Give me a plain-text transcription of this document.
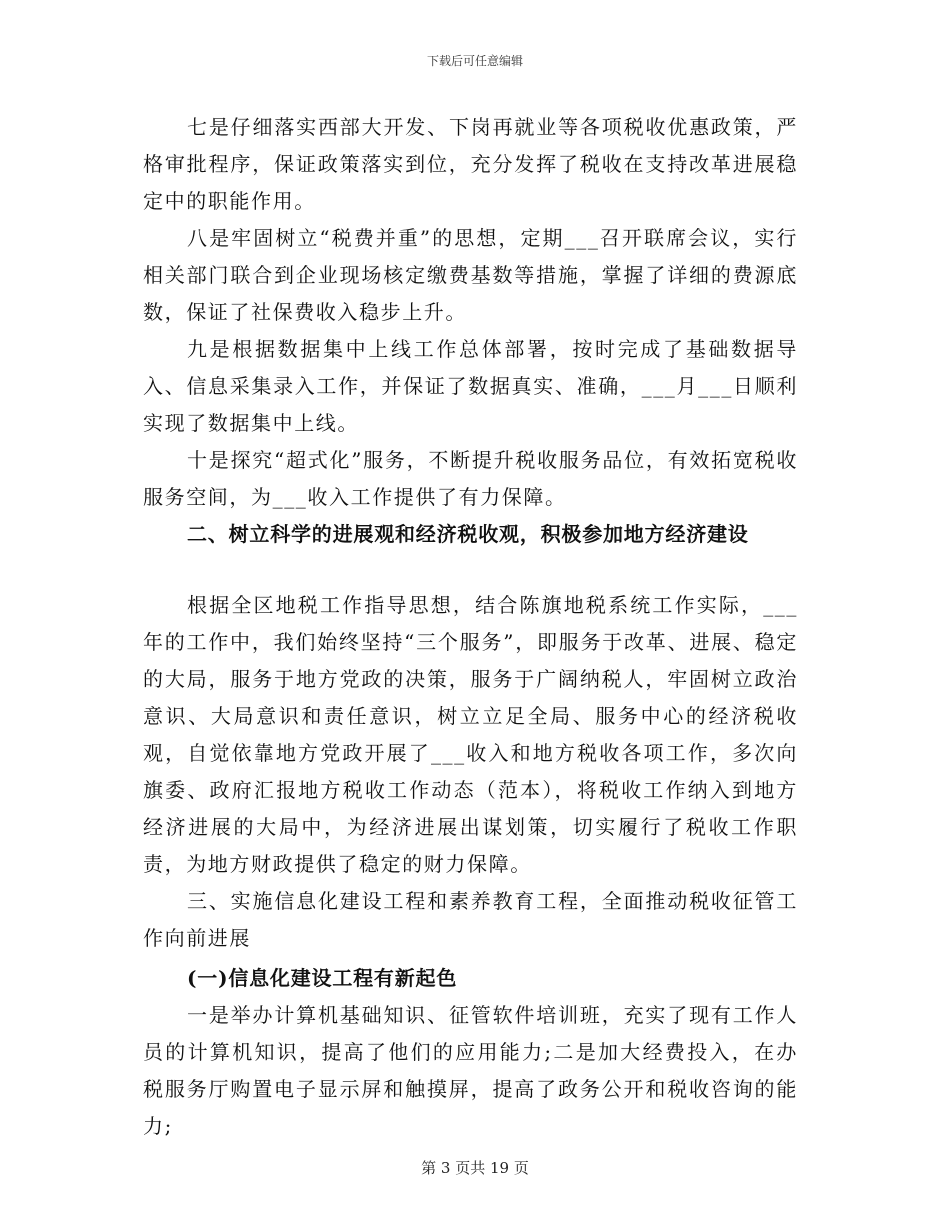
下载后可任意编辑

七是仔细落实西部大开发、下岗再就业等各项税收优惠政策，严格审批程序，保证政策落实到位，充分发挥了税收在支持改革进展稳定中的职能作用。

八是牢固树立“税费并重”的思想，定期___召开联席会议，实行相关部门联合到企业现场核定缴费基数等措施，掌握了详细的费源底数，保证了社保费收入稳步上升。

九是根据数据集中上线工作总体部署，按时完成了基础数据导入、信息采集录入工作，并保证了数据真实、准确，___月___日顺利实现了数据集中上线。

十是探究“超式化”服务，不断提升税收服务品位，有效拓宽税收服务空间，为___收入工作提供了有力保障。

二、树立科学的进展观和经济税收观，积极参加地方经济建设

根据全区地税工作指导思想，结合陈旗地税系统工作实际，___年的工作中，我们始终坚持“三个服务”，即服务于改革、进展、稳定的大局，服务于地方党政的决策，服务于广阔纳税人，牢固树立政治意识、大局意识和责任意识，树立立足全局、服务中心的经济税收观，自觉依靠地方党政开展了___收入和地方税收各项工作，多次向旗委、政府汇报地方税收工作动态（范本），将税收工作纳入到地方经济进展的大局中，为经济进展出谋划策，切实履行了税收工作职责，为地方财政提供了稳定的财力保障。

三、实施信息化建设工程和素养教育工程，全面推动税收征管工作向前进展

(一)信息化建设工程有新起色

一是举办计算机基础知识、征管软件培训班，充实了现有工作人员的计算机知识，提高了他们的应用能力;二是加大经费投入，在办税服务厅购置电子显示屏和触摸屏，提高了政务公开和税收咨询的能力;

第 3 页共 19 页
